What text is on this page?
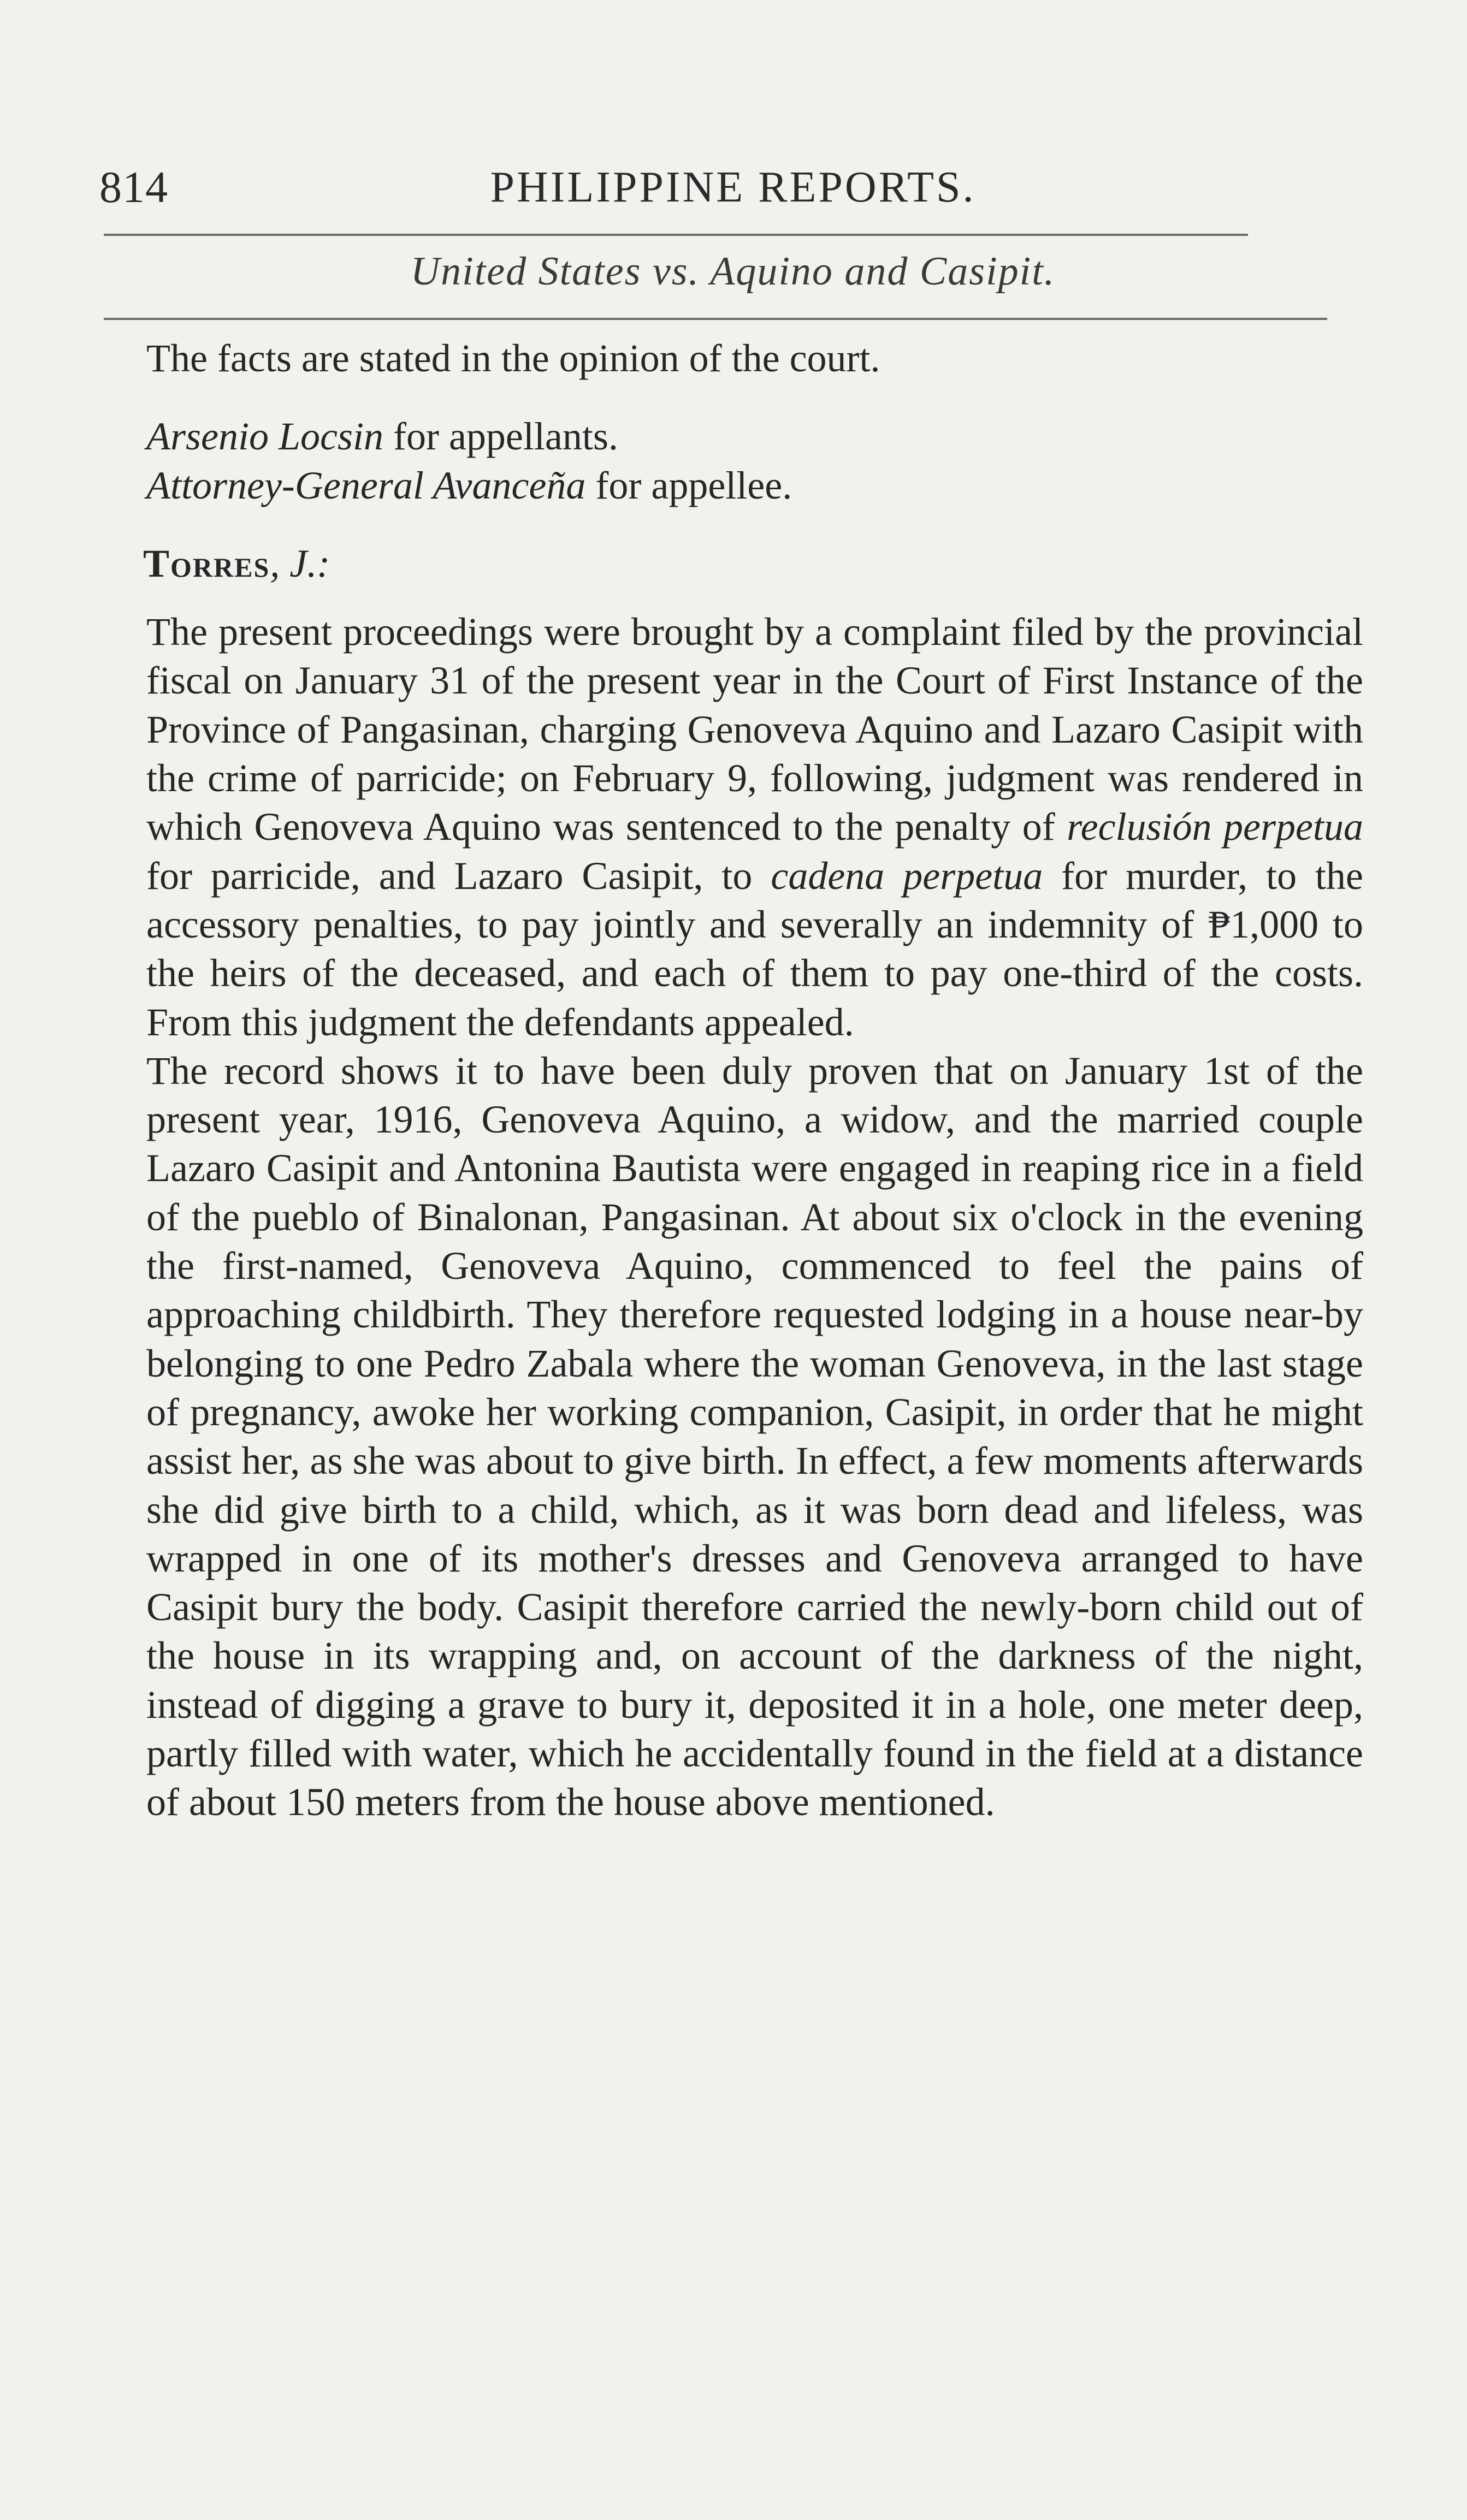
814	PHILIPPINE REPORTS.
United States vs. Aquino and Casipit.

The facts are stated in the opinion of the court.

Arsenio Locsin for appellants.

Attorney-General Avanceña for appellee.

Torres, J.:

The present proceedings were brought by a complaint filed by the provincial fiscal on January 31 of the present year in the Court of First Instance of the Province of Pangasinan, charging Genoveva Aquino and Lazaro Casipit with the crime of parricide; on February 9, following, judgment was rendered in which Genoveva Aquino was sentenced to the penalty of reclusión perpetua for parricide, and Lazaro Casipit, to cadena perpetua for murder, to the accessory penalties, to pay jointly and severally an indemnity of ₱1,000 to the heirs of the deceased, and each of them to pay one-third of the costs. From this judgment the defendants appealed.

The record shows it to have been duly proven that on January 1st of the present year, 1916, Genoveva Aquino, a widow, and the married couple Lazaro Casipit and Antonina Bautista were engaged in reaping rice in a field of the pueblo of Binalonan, Pangasinan. At about six o'clock in the evening the first-named, Genoveva Aquino, commenced to feel the pains of approaching childbirth. They therefore requested lodging in a house near-by belonging to one Pedro Zabala where the woman Genoveva, in the last stage of pregnancy, awoke her working companion, Casipit, in order that he might assist her, as she was about to give birth. In effect, a few moments afterwards she did give birth to a child, which, as it was born dead and lifeless, was wrapped in one of its mother's dresses and Genoveva arranged to have Casipit bury the body. Casipit therefore carried the newly-born child out of the house in its wrapping and, on account of the darkness of the night, instead of digging a grave to bury it, deposited it in a hole, one meter deep, partly filled with water, which he accidentally found in the field at a distance of about 150 meters from the house above mentioned.
